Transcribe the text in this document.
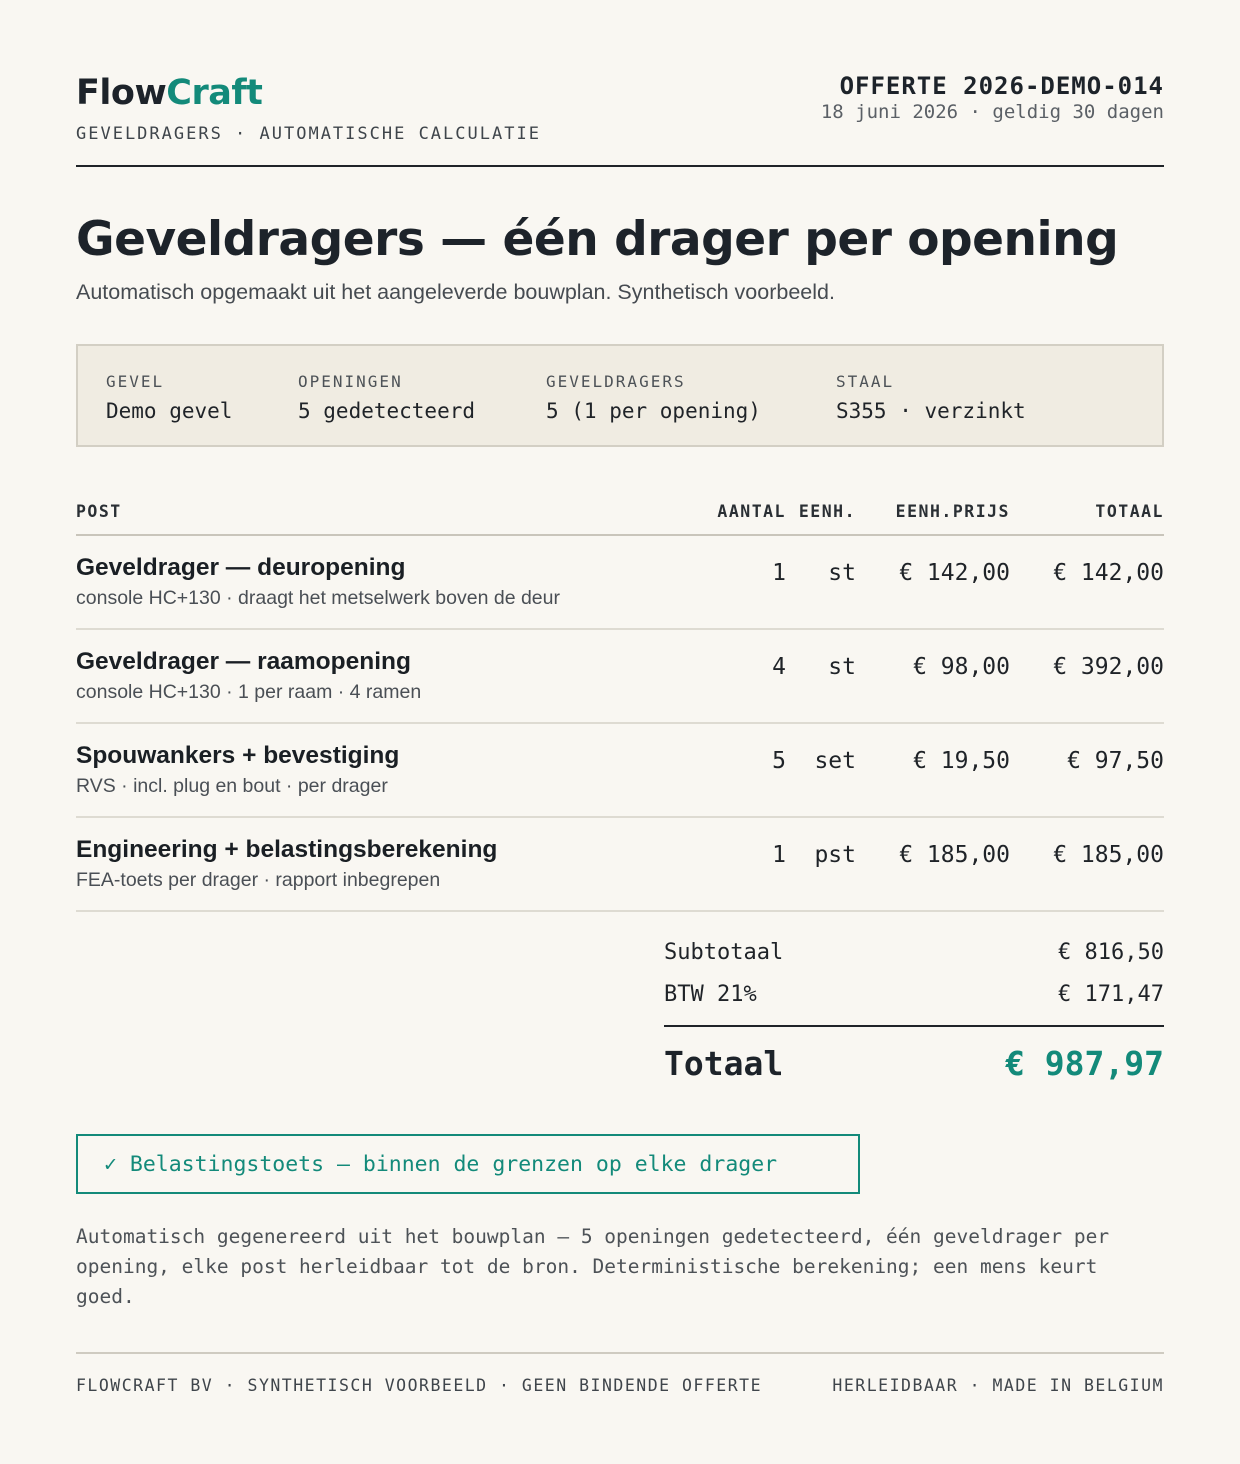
FlowCraft
GEVELDRAGERS · AUTOMATISCHE CALCULATIE
OFFERTE 2026-DEMO-014
18 juni 2026 · geldig 30 dagen
Geveldragers — één drager per opening
Automatisch opgemaakt uit het aangeleverde bouwplan. Synthetisch voorbeeld.
GEVEL
Demo gevel
OPENINGEN
5 gedetecteerd
GEVELDRAGERS
5 (1 per opening)
STAAL
S355 · verzinkt
POST	AANTAL EENH. EENH.PRIJS	TOTAAL
Geveldrager — deuropening
console HC+130 · draagt het metselwerk boven de deur
1 st € 142,00 € 142,00
Geveldrager — raamopening
console HC+130 · 1 per raam · 4 ramen
4 st € 98,00 € 392,00
Spouwankers + bevestiging
RVS · incl. plug en bout · per drager
5 set € 19,50 € 97,50
Engineering + belastingsberekening
FEA-toets per drager · rapport inbegrepen
1 pst € 185,00 € 185,00
Subtotaal	€ 816,50
BTW 21%	€ 171,47
Totaal	€ 987,97
✓ Belastingstoets — binnen de grenzen op elke drager
Automatisch gegenereerd uit het bouwplan — 5 openingen gedetecteerd, één geveldrager per opening, elke post herleidbaar tot de bron. Deterministische berekening; een mens keurt goed.
FLOWCRAFT BV · SYNTHETISCH VOORBEELD · GEEN BINDENDE OFFERTE	HERLEIDBAAR · MADE IN BELGIUM
